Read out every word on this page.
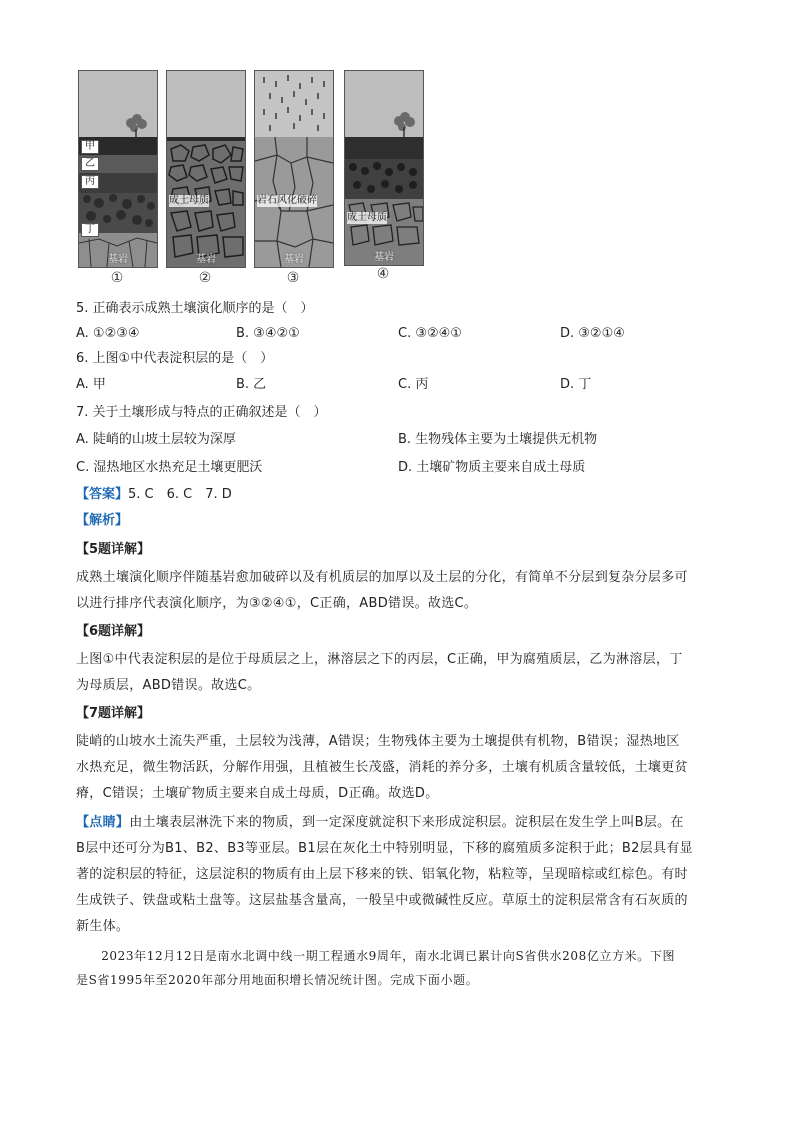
甲
乙
丙
丁
基岩
成土母质
基岩
岩石风化破碎
基岩
成土母质
基岩
①	②	③	④
5. 正确表示成熟土壤演化顺序的是（　）
A. ①②③④	B. ③④②①	C. ③②④①	D. ③②①④
6. 上图①中代表淀积层的是（　）
A. 甲	B. 乙	C. 丙	D. 丁
7. 关于土壤形成与特点的正确叙述是（　）
A. 陡峭的山坡土层较为深厚	B. 生物残体主要为土壤提供无机物
C. 湿热地区水热充足土壤更肥沃	D. 土壤矿物质主要来自成土母质
【答案】5. C　6. C　7. D
【解析】
【5题详解】
成熟土壤演化顺序伴随基岩愈加破碎以及有机质层的加厚以及土层的分化，有简单不分层到复杂分层多可
以进行排序代表演化顺序，为③②④①，C正确，ABD错误。故选C。
【6题详解】
上图①中代表淀积层的是位于母质层之上，淋溶层之下的丙层，C正确，甲为腐殖质层，乙为淋溶层，丁
为母质层，ABD错误。故选C。
【7题详解】
陡峭的山坡水土流失严重，土层较为浅薄，A错误；生物残体主要为土壤提供有机物，B错误；湿热地区
水热充足，微生物活跃，分解作用强，且植被生长茂盛，消耗的养分多，土壤有机质含量较低，土壤更贫
瘠，C错误；土壤矿物质主要来自成土母质，D正确。故选D。
【点睛】由土壤表层淋洗下来的物质，到一定深度就淀积下来形成淀积层。淀积层在发生学上叫B层。在
B层中还可分为B1、B2、B3等亚层。B1层在灰化土中特别明显，下移的腐殖质多淀积于此；B2层具有显
著的淀积层的特征，这层淀积的物质有由上层下移来的铁、铝氧化物，粘粒等，呈现暗棕或红棕色。有时
生成铁子、铁盘或粘土盘等。这层盐基含量高，一般呈中或微碱性反应。草原土的淀积层常含有石灰质的
新生体。
　　2023年12月12日是南水北调中线一期工程通水9周年，南水北调已累计向S省供水208亿立方米。下图
是S省1995年至2020年部分用地面积增长情况统计图。完成下面小题。
